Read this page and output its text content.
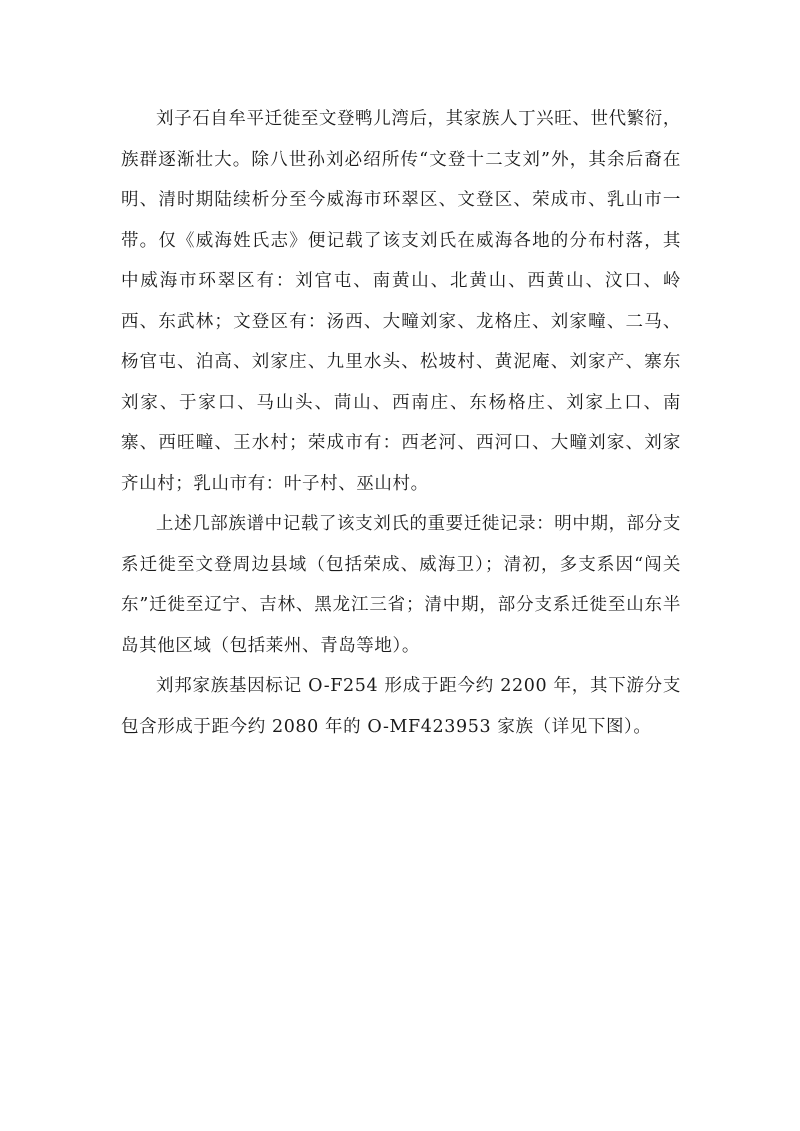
刘子石自牟平迁徙至文登鸭儿湾后，其家族人丁兴旺、世代繁衍，族群逐渐壮大。除八世孙刘必绍所传“文登十二支刘”外，其余后裔在明、清时期陆续析分至今威海市环翠区、文登区、荣成市、乳山市一带。仅《威海姓氏志》便记载了该支刘氏在威海各地的分布村落，其中威海市环翠区有：刘官屯、南黄山、北黄山、西黄山、汶口、岭西、东武林；文登区有：汤西、大疃刘家、龙格庄、刘家疃、二马、杨官屯、泊高、刘家庄、九里水头、松坡村、黄泥庵、刘家产、寨东刘家、于家口、马山头、茼山、西南庄、东杨格庄、刘家上口、南寨、西旺疃、王水村；荣成市有：西老河、西河口、大疃刘家、刘家齐山村；乳山市有：叶子村、巫山村。

上述几部族谱中记载了该支刘氏的重要迁徙记录：明中期，部分支系迁徙至文登周边县域（包括荣成、威海卫）；清初，多支系因“闯关东”迁徙至辽宁、吉林、黑龙江三省；清中期，部分支系迁徙至山东半岛其他区域（包括莱州、青岛等地）。

刘邦家族基因标记 O-F254 形成于距今约 2200 年，其下游分支包含形成于距今约 2080 年的 O-MF423953 家族（详见下图）。
